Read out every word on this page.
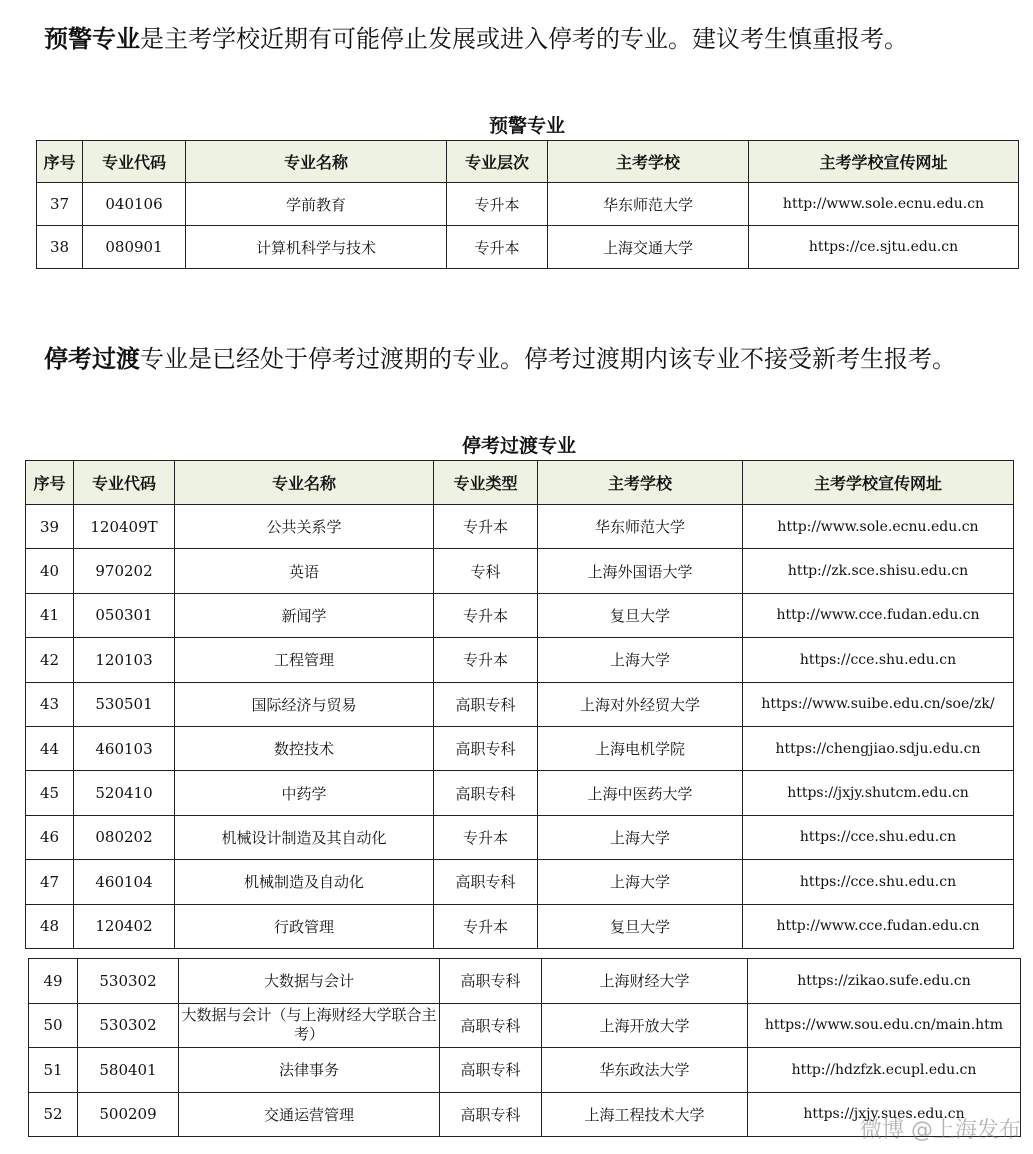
预警专业是主考学校近期有可能停止发展或进入停考的专业。建议考生慎重报考。
预警专业
序号	专业代码	专业名称	专业层次	主考学校	主考学校宣传网址
37	040106	学前教育	专升本	华东师范大学	http://www.sole.ecnu.edu.cn
38	080901	计算机科学与技术	专升本	上海交通大学	https://ce.sjtu.edu.cn
停考过渡专业是已经处于停考过渡期的专业。停考过渡期内该专业不接受新考生报考。
停考过渡专业
序号	专业代码	专业名称	专业类型	主考学校	主考学校宣传网址
39	120409T	公共关系学	专升本	华东师范大学	http://www.sole.ecnu.edu.cn
40	970202	英语	专科	上海外国语大学	http://zk.sce.shisu.edu.cn
41	050301	新闻学	专升本	复旦大学	http://www.cce.fudan.edu.cn
42	120103	工程管理	专升本	上海大学	https://cce.shu.edu.cn
43	530501	国际经济与贸易	高职专科	上海对外经贸大学	https://www.suibe.edu.cn/soe/zk/
44	460103	数控技术	高职专科	上海电机学院	https://chengjiao.sdju.edu.cn
45	520410	中药学	高职专科	上海中医药大学	https://jxjy.shutcm.edu.cn
46	080202	机械设计制造及其自动化	专升本	上海大学	https://cce.shu.edu.cn
47	460104	机械制造及自动化	高职专科	上海大学	https://cce.shu.edu.cn
48	120402	行政管理	专升本	复旦大学	http://www.cce.fudan.edu.cn
49	530302	大数据与会计	高职专科	上海财经大学	https://zikao.sufe.edu.cn
50	530302	大数据与会计（与上海财经大学联合主考）	高职专科	上海开放大学	https://www.sou.edu.cn/main.htm
51	580401	法律事务	高职专科	华东政法大学	http://hdzfzk.ecupl.edu.cn
52	500209	交通运营管理	高职专科	上海工程技术大学	https://jxjy.sues.edu.cn
微博 @上海发布
